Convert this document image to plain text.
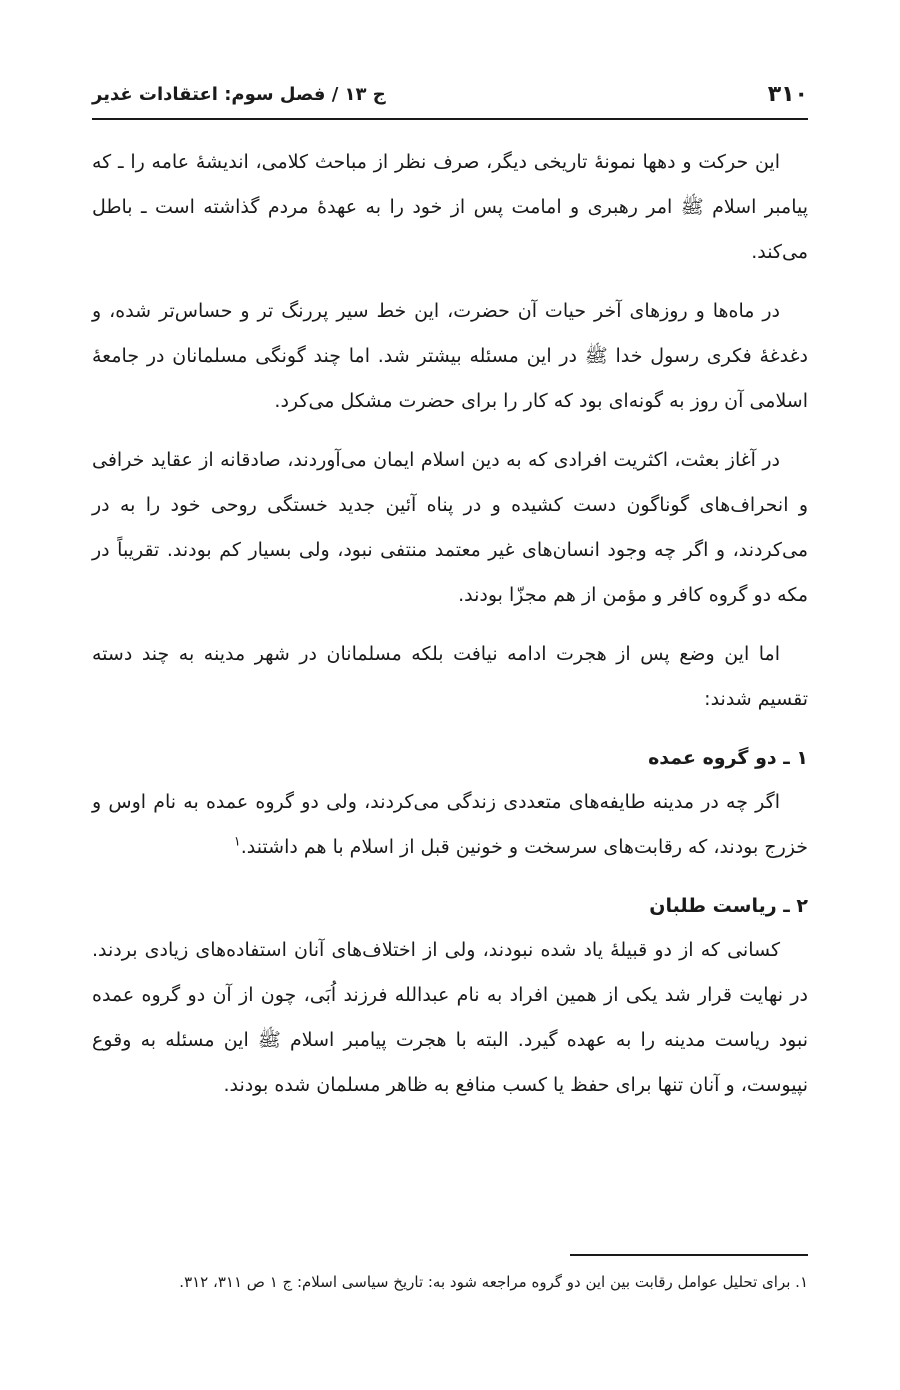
۳۱۰
ج ۱۳ / فصل سوم: اعتقادات غدیر

این حرکت و دهها نمونهٔ تاریخی دیگر، صرف نظر از مباحث کلامی، اندیشهٔ عامه را ـ که پیامبر اسلام ﷺ امر رهبری و امامت پس از خود را به عهدهٔ مردم گذاشته است ـ باطل می‌کند.

در ماه‌ها و روزهای آخر حیات آن حضرت، این خط سیر پررنگ تر و حساس‌تر شده، و دغدغهٔ فکری رسول خدا ﷺ در این مسئله بیشتر شد. اما چند گونگی مسلمانان در جامعهٔ اسلامی آن روز به گونه‌ای بود که کار را برای حضرت مشکل می‌کرد.

در آغاز بعثت، اکثریت افرادی که به دین اسلام ایمان می‌آوردند، صادقانه از عقاید خرافی و انحراف‌های گوناگون دست کشیده و در پناه آئین جدید خستگی روحی خود را به در می‌کردند، و اگر چه وجود انسان‌های غیر معتمد منتفی نبود، ولی بسیار کم بودند. تقریباً در مکه دو گروه کافر و مؤمن از هم مجزّا بودند.

اما این وضع پس از هجرت ادامه نیافت بلکه مسلمانان در شهر مدینه به چند دسته تقسیم شدند:

۱ ـ دو گروه عمده

اگر چه در مدینه طایفه‌های متعددی زندگی می‌کردند، ولی دو گروه عمده به نام اوس و خزرج بودند، که رقابت‌های سرسخت و خونین قبل از اسلام با هم داشتند.$^۱$

۲ ـ ریاست طلبان

کسانی که از دو قبیلهٔ یاد شده نبودند، ولی از اختلاف‌های آنان استفاده‌های زیادی بردند. در نهایت قرار شد یکی از همین افراد به نام عبدالله فرزند اُبَی، چون از آن دو گروه عمده نبود ریاست مدینه را به عهده گیرد. البته با هجرت پیامبر اسلام ﷺ این مسئله به وقوع نپیوست، و آنان تنها برای حفظ یا کسب منافع به ظاهر مسلمان شده بودند.

۱. برای تحلیل عوامل رقابت بین این دو گروه مراجعه شود به: تاریخ سیاسی اسلام: ج ۱ ص ۳۱۱، ۳۱۲.
